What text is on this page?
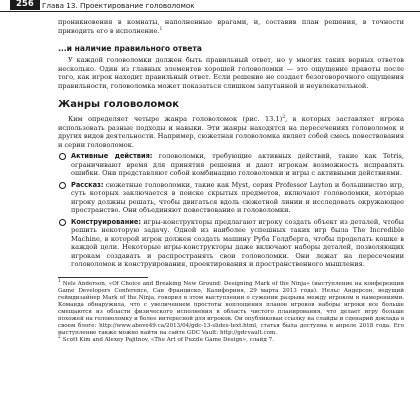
256	Глава 13. Проектирование головоломок

проникновения в комнаты, наполненные врагами, и, составив план решения, в точности приводить его в исполнение.$^1$

...и наличие правильного ответа

У каждой головоломки должен быть правильный ответ, но у многих таких верных ответов несколько. Один из главных элементов хорошей головоломки — это ощущение правоты после того, как игрок находит правильный ответ. Если решение не создает безоговорочного ощущения правильности, головоломка может показаться слишком запутанной и неувлекательной.

Жанры головоломок

Ким определяет четыре жанра головоломок (рис. 13.1)$^2$, в которых заставляет игрока использовать разные подходы и навыки. Эти жанры находятся на пересечениях головоломок и других видов деятельности. Например, сюжетная головоломка являет собой смесь повествования и серии головоломок.

Активные действия: головоломки, требующие активных действий, такие как Tetris, ограничивают время для принятия решения и дают игрокам возможность исправлять ошибки. Они представляют собой комбинацию головоломки и игры с активными действиями.

Рассказ: сюжетные головоломки, такие как Myst, серия Professor Layton и большинство игр, суть которых заключается в поиске скрытых предметов, включают головоломки, которые игроку должны решать, чтобы двигаться вдоль сюжетной линии и исследовать окружающее пространство. Они объединяют повествование и головоломки.

Конструирование: игры-конструкторы предлагают игроку создать объект из деталей, чтобы решить некоторую задачу. Одной из наиболее успешных таких игр была The Incredible Machine, в которой игрок должен создать машину Руба Голдберга, чтобы проделать кошке в каждой цели. Некоторые игры-конструкторы даже включают наборы деталей, позволяющих игрокам создавать и распространять свои головоломки. Они лежат на пересечении головоломок и конструирования, проектирования и пространственного мышления.

$^1$ Nels Anderson, «Of Choice and Breaking New Ground: Designing Mark of the Ninja» (выступление на конференции Game Developers Conference, Сан Франциско, Калифорния, 29 марта 2013 года). Нельс Андерсон, ведущий геймдизайнер Mark of the Ninja, говорил в этом выступлении о сужении разрыва между игроком и намерениями. Команда обнаружила, что с увеличением простоты воплощения планов игроков наборы игроки все больше смещаются из области физического исполнения в область чистого планирования, что делает игру больше похожей на головоломку и более интересной для игроков. Он опубликован ссылку на слайды и сценарий доклада в своем блоге: http://www.above49.ca/2013/04/gdc-13-slides-text.html, статья была доступна в апреле 2018 года. Его выступление также можно найти на сайте GDC Vault: http://gdcvault.com.

$^2$ Scott Kim and Alexey Pajitnov, «The Art of Puzzle Game Design», слайд 7.
